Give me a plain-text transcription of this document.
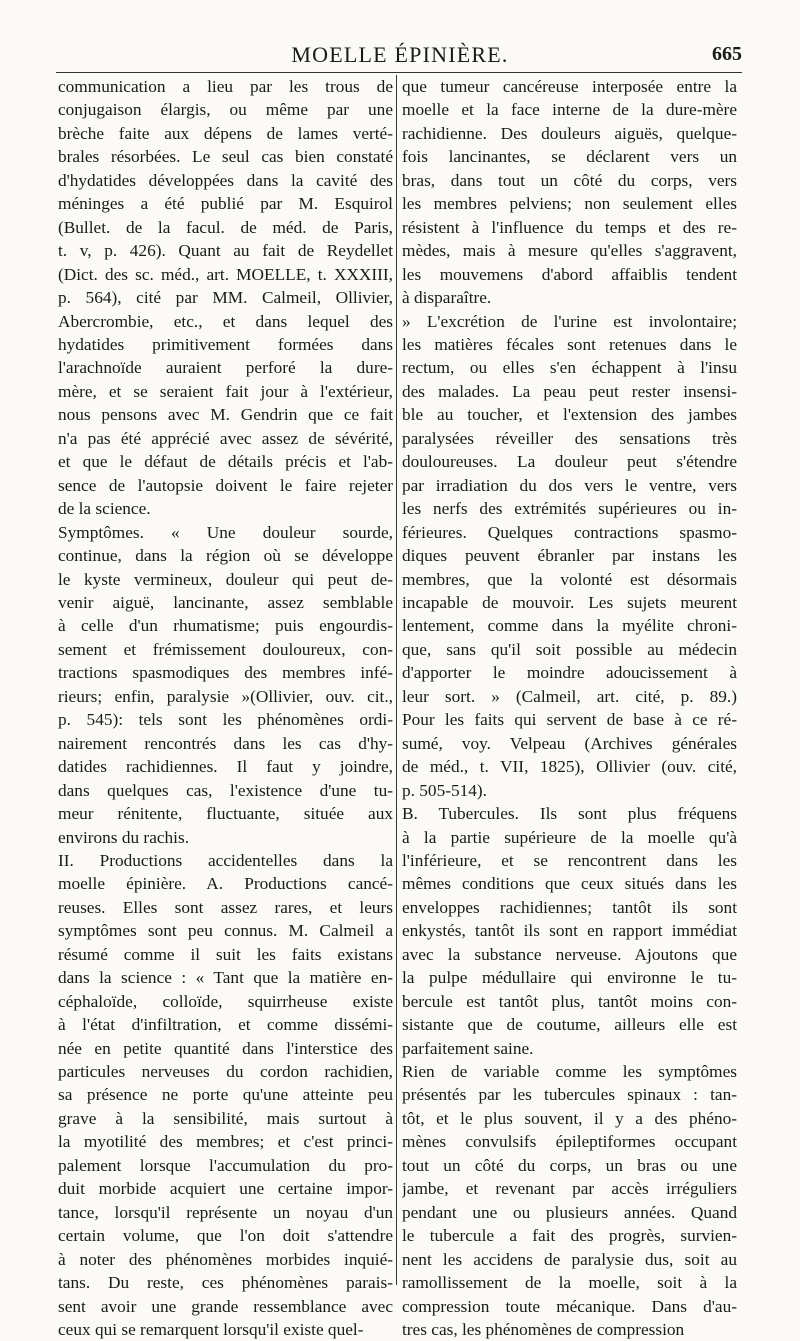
MOELLE ÉPINIÈRE.	665
communication a lieu par les trous de
conjugaison élargis, ou même par une
brèche faite aux dépens de lames verté-
brales résorbées. Le seul cas bien constaté
d'hydatides développées dans la cavité des
méninges a été publié par M. Esquirol
(Bullet. de la facul. de méd. de Paris,
t. v, p. 426). Quant au fait de Reydellet
(Dict. des sc. méd., art. MOELLE, t. XXXIII,
p. 564), cité par MM. Calmeil, Ollivier,
Abercrombie, etc., et dans lequel des
hydatides primitivement formées dans
l'arachnoïde auraient perforé la dure-
mère, et se seraient fait jour à l'extérieur,
nous pensons avec M. Gendrin que ce fait
n'a pas été apprécié avec assez de sévérité,
et que le défaut de détails précis et l'ab-
sence de l'autopsie doivent le faire rejeter
de la science.
Symptômes. « Une douleur sourde,
continue, dans la région où se développe
le kyste vermineux, douleur qui peut de-
venir aiguë, lancinante, assez semblable
à celle d'un rhumatisme; puis engourdis-
sement et frémissement douloureux, con-
tractions spasmodiques des membres infé-
rieurs; enfin, paralysie »(Ollivier, ouv. cit.,
p. 545): tels sont les phénomènes ordi-
nairement rencontrés dans les cas d'hy-
datides rachidiennes. Il faut y joindre,
dans quelques cas, l'existence d'une tu-
meur rénitente, fluctuante, située aux
environs du rachis.
II. Productions accidentelles dans la
moelle épinière. A. Productions cancé-
reuses. Elles sont assez rares, et leurs
symptômes sont peu connus. M. Calmeil a
résumé comme il suit les faits existans
dans la science : « Tant que la matière en-
céphaloïde, colloïde, squirrheuse existe
à l'état d'infiltration, et comme dissémi-
née en petite quantité dans l'interstice des
particules nerveuses du cordon rachidien,
sa présence ne porte qu'une atteinte peu
grave à la sensibilité, mais surtout à
la myotilité des membres; et c'est princi-
palement lorsque l'accumulation du pro-
duit morbide acquiert une certaine impor-
tance, lorsqu'il représente un noyau d'un
certain volume, que l'on doit s'attendre
à noter des phénomènes morbides inquié-
tans. Du reste, ces phénomènes parais-
sent avoir une grande ressemblance avec
ceux qui se remarquent lorsqu'il existe quel-
que tumeur cancéreuse interposée entre la
moelle et la face interne de la dure-mère
rachidienne. Des douleurs aiguës, quelque-
fois lancinantes, se déclarent vers un
bras, dans tout un côté du corps, vers
les membres pelviens; non seulement elles
résistent à l'influence du temps et des re-
mèdes, mais à mesure qu'elles s'aggravent,
les mouvemens d'abord affaiblis tendent
à disparaître.
» L'excrétion de l'urine est involontaire;
les matières fécales sont retenues dans le
rectum, ou elles s'en échappent à l'insu
des malades. La peau peut rester insensi-
ble au toucher, et l'extension des jambes
paralysées réveiller des sensations très
douloureuses. La douleur peut s'étendre
par irradiation du dos vers le ventre, vers
les nerfs des extrémités supérieures ou in-
férieures. Quelques contractions spasmo-
diques peuvent ébranler par instans les
membres, que la volonté est désormais
incapable de mouvoir. Les sujets meurent
lentement, comme dans la myélite chroni-
que, sans qu'il soit possible au médecin
d'apporter le moindre adoucissement à
leur sort. » (Calmeil, art. cité, p. 89.)
Pour les faits qui servent de base à ce ré-
sumé, voy. Velpeau (Archives générales
de méd., t. VII, 1825), Ollivier (ouv. cité,
p. 505-514).
B. Tubercules. Ils sont plus fréquens
à la partie supérieure de la moelle qu'à
l'inférieure, et se rencontrent dans les
mêmes conditions que ceux situés dans les
enveloppes rachidiennes; tantôt ils sont
enkystés, tantôt ils sont en rapport immédiat
avec la substance nerveuse. Ajoutons que
la pulpe médullaire qui environne le tu-
bercule est tantôt plus, tantôt moins con-
sistante que de coutume, ailleurs elle est
parfaitement saine.
Rien de variable comme les symptômes
présentés par les tubercules spinaux : tan-
tôt, et le plus souvent, il y a des phéno-
mènes convulsifs épileptiformes occupant
tout un côté du corps, un bras ou une
jambe, et revenant par accès irréguliers
pendant une ou plusieurs années. Quand
le tubercule a fait des progrès, survien-
nent les accidens de paralysie dus, soit au
ramollissement de la moelle, soit à la
compression toute mécanique. Dans d'au-
tres cas, les phénomènes de compression
